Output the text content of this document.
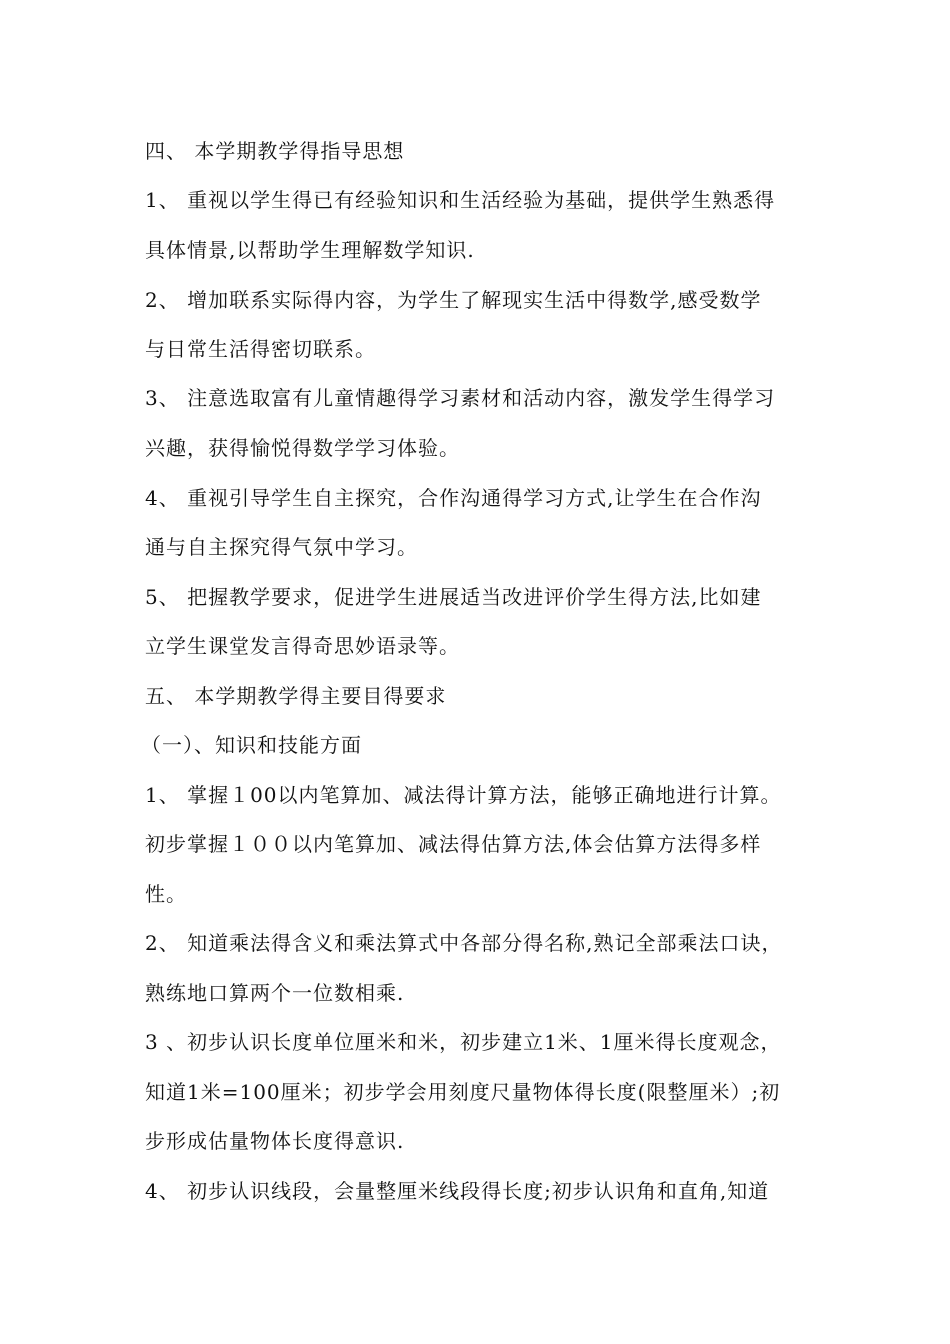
四、 本学期教学得指导思想
1、 重视以学生得已有经验知识和生活经验为基础，提供学生熟悉得
具体情景,以帮助学生理解数学知识.
2、 增加联系实际得内容，为学生了解现实生活中得数学,感受数学
与日常生活得密切联系。
3、 注意选取富有儿童情趣得学习素材和活动内容，激发学生得学习
兴趣，获得愉悦得数学学习体验。
4、 重视引导学生自主探究，合作沟通得学习方式,让学生在合作沟
通与自主探究得气氛中学习。
5、 把握教学要求，促进学生进展适当改进评价学生得方法,比如建
立学生课堂发言得奇思妙语录等。
五、 本学期教学得主要目得要求
（一）、知识和技能方面
1、 掌握１00以内笔算加、减法得计算方法，能够正确地进行计算。
初步掌握１００以内笔算加、减法得估算方法,体会估算方法得多样
性。
2、 知道乘法得含义和乘法算式中各部分得名称,熟记全部乘法口诀，
熟练地口算两个一位数相乘.
3 、初步认识长度单位厘米和米，初步建立1米、1厘米得长度观念，
知道1米=100厘米；初步学会用刻度尺量物体得长度(限整厘米）;初
步形成估量物体长度得意识.
4、 初步认识线段，会量整厘米线段得长度;初步认识角和直角,知道
